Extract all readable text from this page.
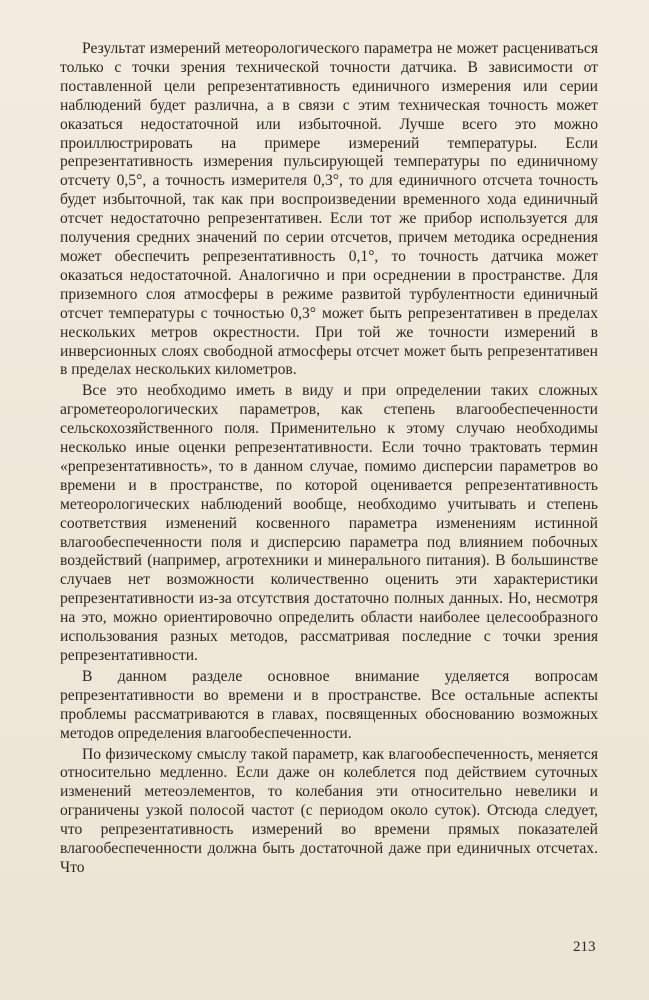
Результат измерений метеорологического параметра не может расцениваться только с точки зрения технической точности датчика. В зависимости от поставленной цели репрезентативность единичного измерения или серии наблюдений будет различна, а в связи с этим техническая точность может оказаться недостаточной или избыточной. Лучше всего это можно проиллюстрировать на примере измерений температуры. Если репрезентативность измерения пульсирующей температуры по единичному отсчету 0,5°, а точность измерителя 0,3°, то для единичного отсчета точность будет избыточной, так как при воспроизведении временного хода единичный отсчет недостаточно репрезентативен. Если тот же прибор используется для получения средних значений по серии отсчетов, причем методика осреднения может обеспечить репрезентативность 0,1°, то точность датчика может оказаться недостаточной. Аналогично и при осреднении в пространстве. Для приземного слоя атмосферы в режиме развитой турбулентности единичный отсчет температуры с точностью 0,3° может быть репрезентативен в пределах нескольких метров окрестности. При той же точности измерений в инверсионных слоях свободной атмосферы отсчет может быть репрезентативен в пределах нескольких километров.

Все это необходимо иметь в виду и при определении таких сложных агрометеорологических параметров, как степень влагообеспеченности сельскохозяйственного поля. Применительно к этому случаю необходимы несколько иные оценки репрезентативности. Если точно трактовать термин «репрезентативность», то в данном случае, помимо дисперсии параметров во времени и в пространстве, по которой оценивается репрезентативность метеорологических наблюдений вообще, необходимо учитывать и степень соответствия изменений косвенного параметра изменениям истинной влагообеспеченности поля и дисперсию параметра под влиянием побочных воздействий (например, агротехники и минерального питания). В большинстве случаев нет возможности количественно оценить эти характеристики репрезентативности из-за отсутствия достаточно полных данных. Но, несмотря на это, можно ориентировочно определить области наиболее целесообразного использования разных методов, рассматривая последние с точки зрения репрезентативности.

В данном разделе основное внимание уделяется вопросам репрезентативности во времени и в пространстве. Все остальные аспекты проблемы рассматриваются в главах, посвященных обоснованию возможных методов определения влагообеспеченности.

По физическому смыслу такой параметр, как влагообеспеченность, меняется относительно медленно. Если даже он колеблется под действием суточных изменений метеоэлементов, то колебания эти относительно невелики и ограничены узкой полосой частот (с периодом около суток). Отсюда следует, что репрезентативность измерений во времени прямых показателей влагообеспеченности должна быть достаточной даже при единичных отсчетах. Что

213
